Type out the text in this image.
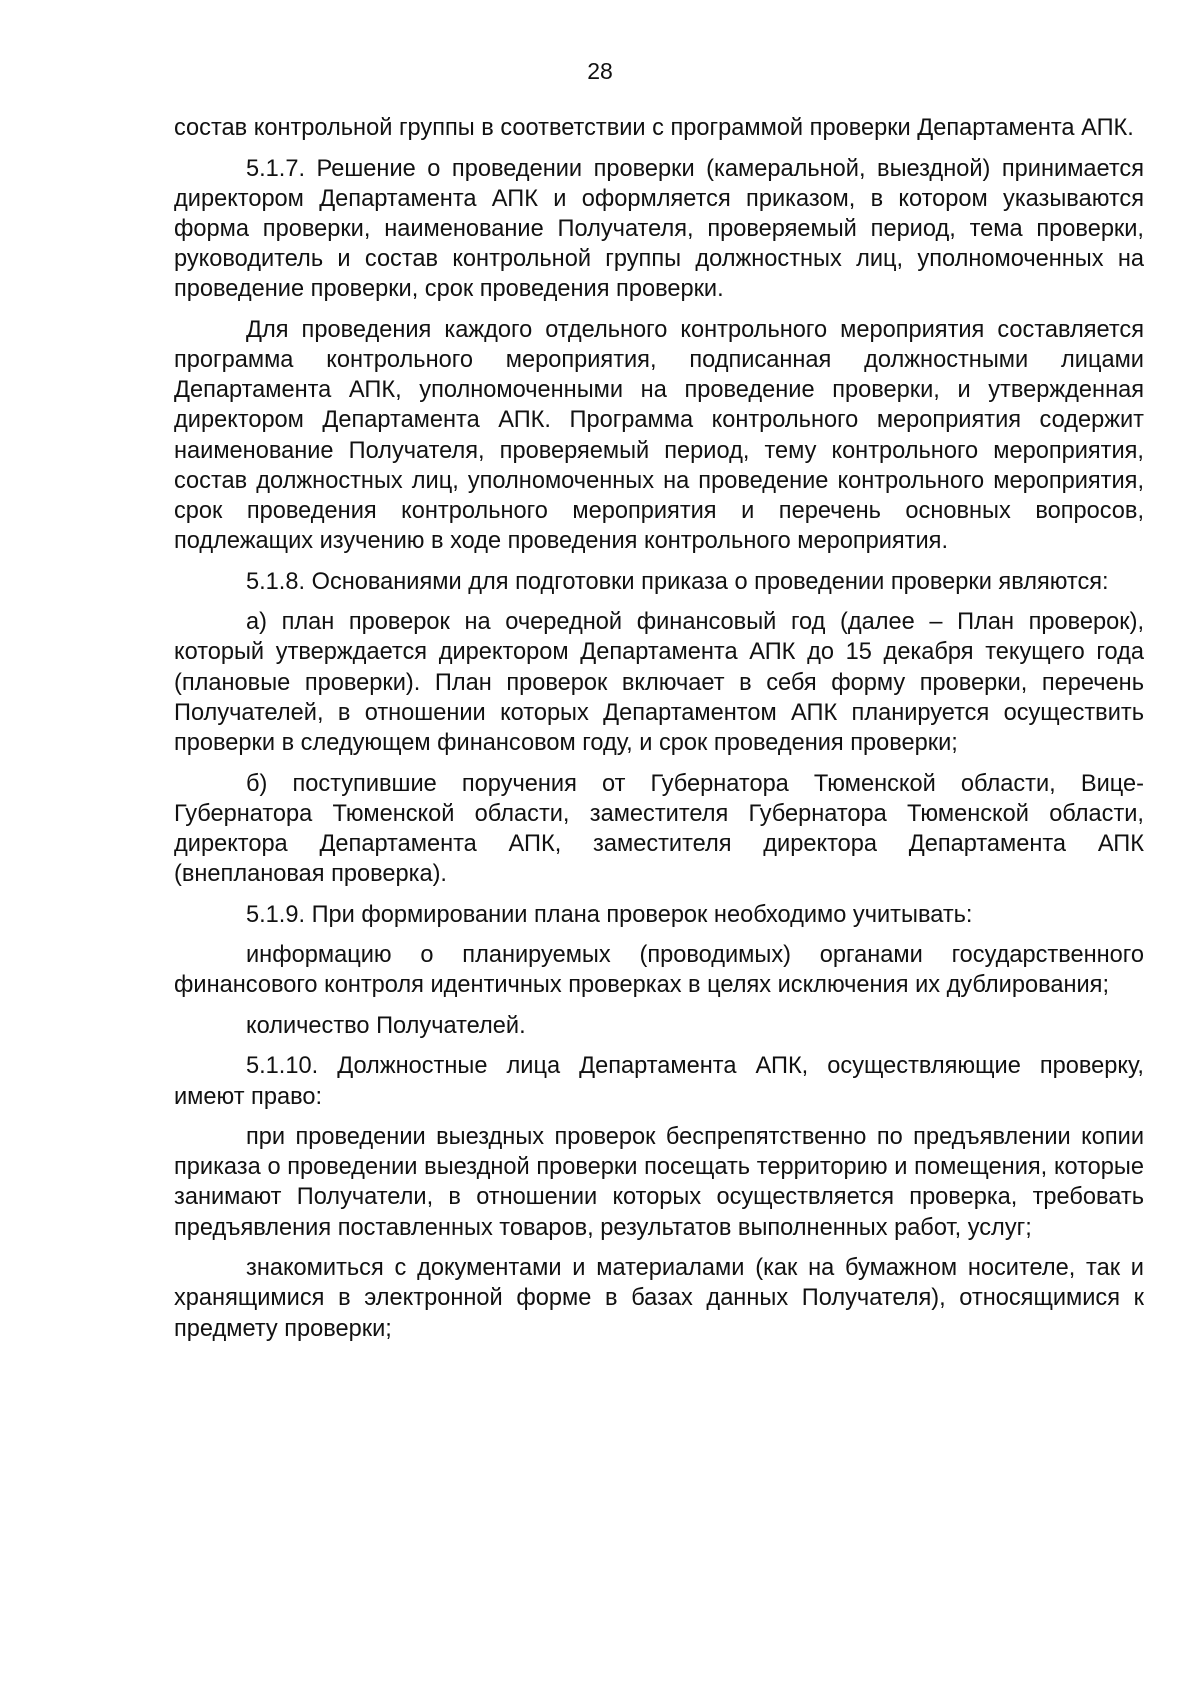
28

состав контрольной группы в соответствии с программой проверки Департамента АПК.

5.1.7. Решение о проведении проверки (камеральной, выездной) принимается директором Департамента АПК и оформляется приказом, в котором указываются форма проверки, наименование Получателя, проверяемый период, тема проверки, руководитель и состав контрольной группы должностных лиц, уполномоченных на проведение проверки, срок проведения проверки.

Для проведения каждого отдельного контрольного мероприятия составляется программа контрольного мероприятия, подписанная должностными лицами Департамента АПК, уполномоченными на проведение проверки, и утвержденная директором Департамента АПК. Программа контрольного мероприятия содержит наименование Получателя, проверяемый период, тему контрольного мероприятия, состав должностных лиц, уполномоченных на проведение контрольного мероприятия, срок проведения контрольного мероприятия и перечень основных вопросов, подлежащих изучению в ходе проведения контрольного мероприятия.

5.1.8. Основаниями для подготовки приказа о проведении проверки являются:

а) план проверок на очередной финансовый год (далее – План проверок), который утверждается директором Департамента АПК до 15 декабря текущего года (плановые проверки). План проверок включает в себя форму проверки, перечень Получателей, в отношении которых Департаментом АПК планируется осуществить проверки в следующем финансовом году, и срок проведения проверки;

б) поступившие поручения от Губернатора Тюменской области, Вице-Губернатора Тюменской области, заместителя Губернатора Тюменской области, директора Департамента АПК, заместителя директора Департамента АПК (внеплановая проверка).

5.1.9. При формировании плана проверок необходимо учитывать:

информацию о планируемых (проводимых) органами государственного финансового контроля идентичных проверках в целях исключения их дублирования;

количество Получателей.

5.1.10. Должностные лица Департамента АПК, осуществляющие проверку, имеют право:

при проведении выездных проверок беспрепятственно по предъявлении копии приказа о проведении выездной проверки посещать территорию и помещения, которые занимают Получатели, в отношении которых осуществляется проверка, требовать предъявления поставленных товаров, результатов выполненных работ, услуг;

знакомиться с документами и материалами (как на бумажном носителе, так и хранящимися в электронной форме в базах данных Получателя), относящимися к предмету проверки;
